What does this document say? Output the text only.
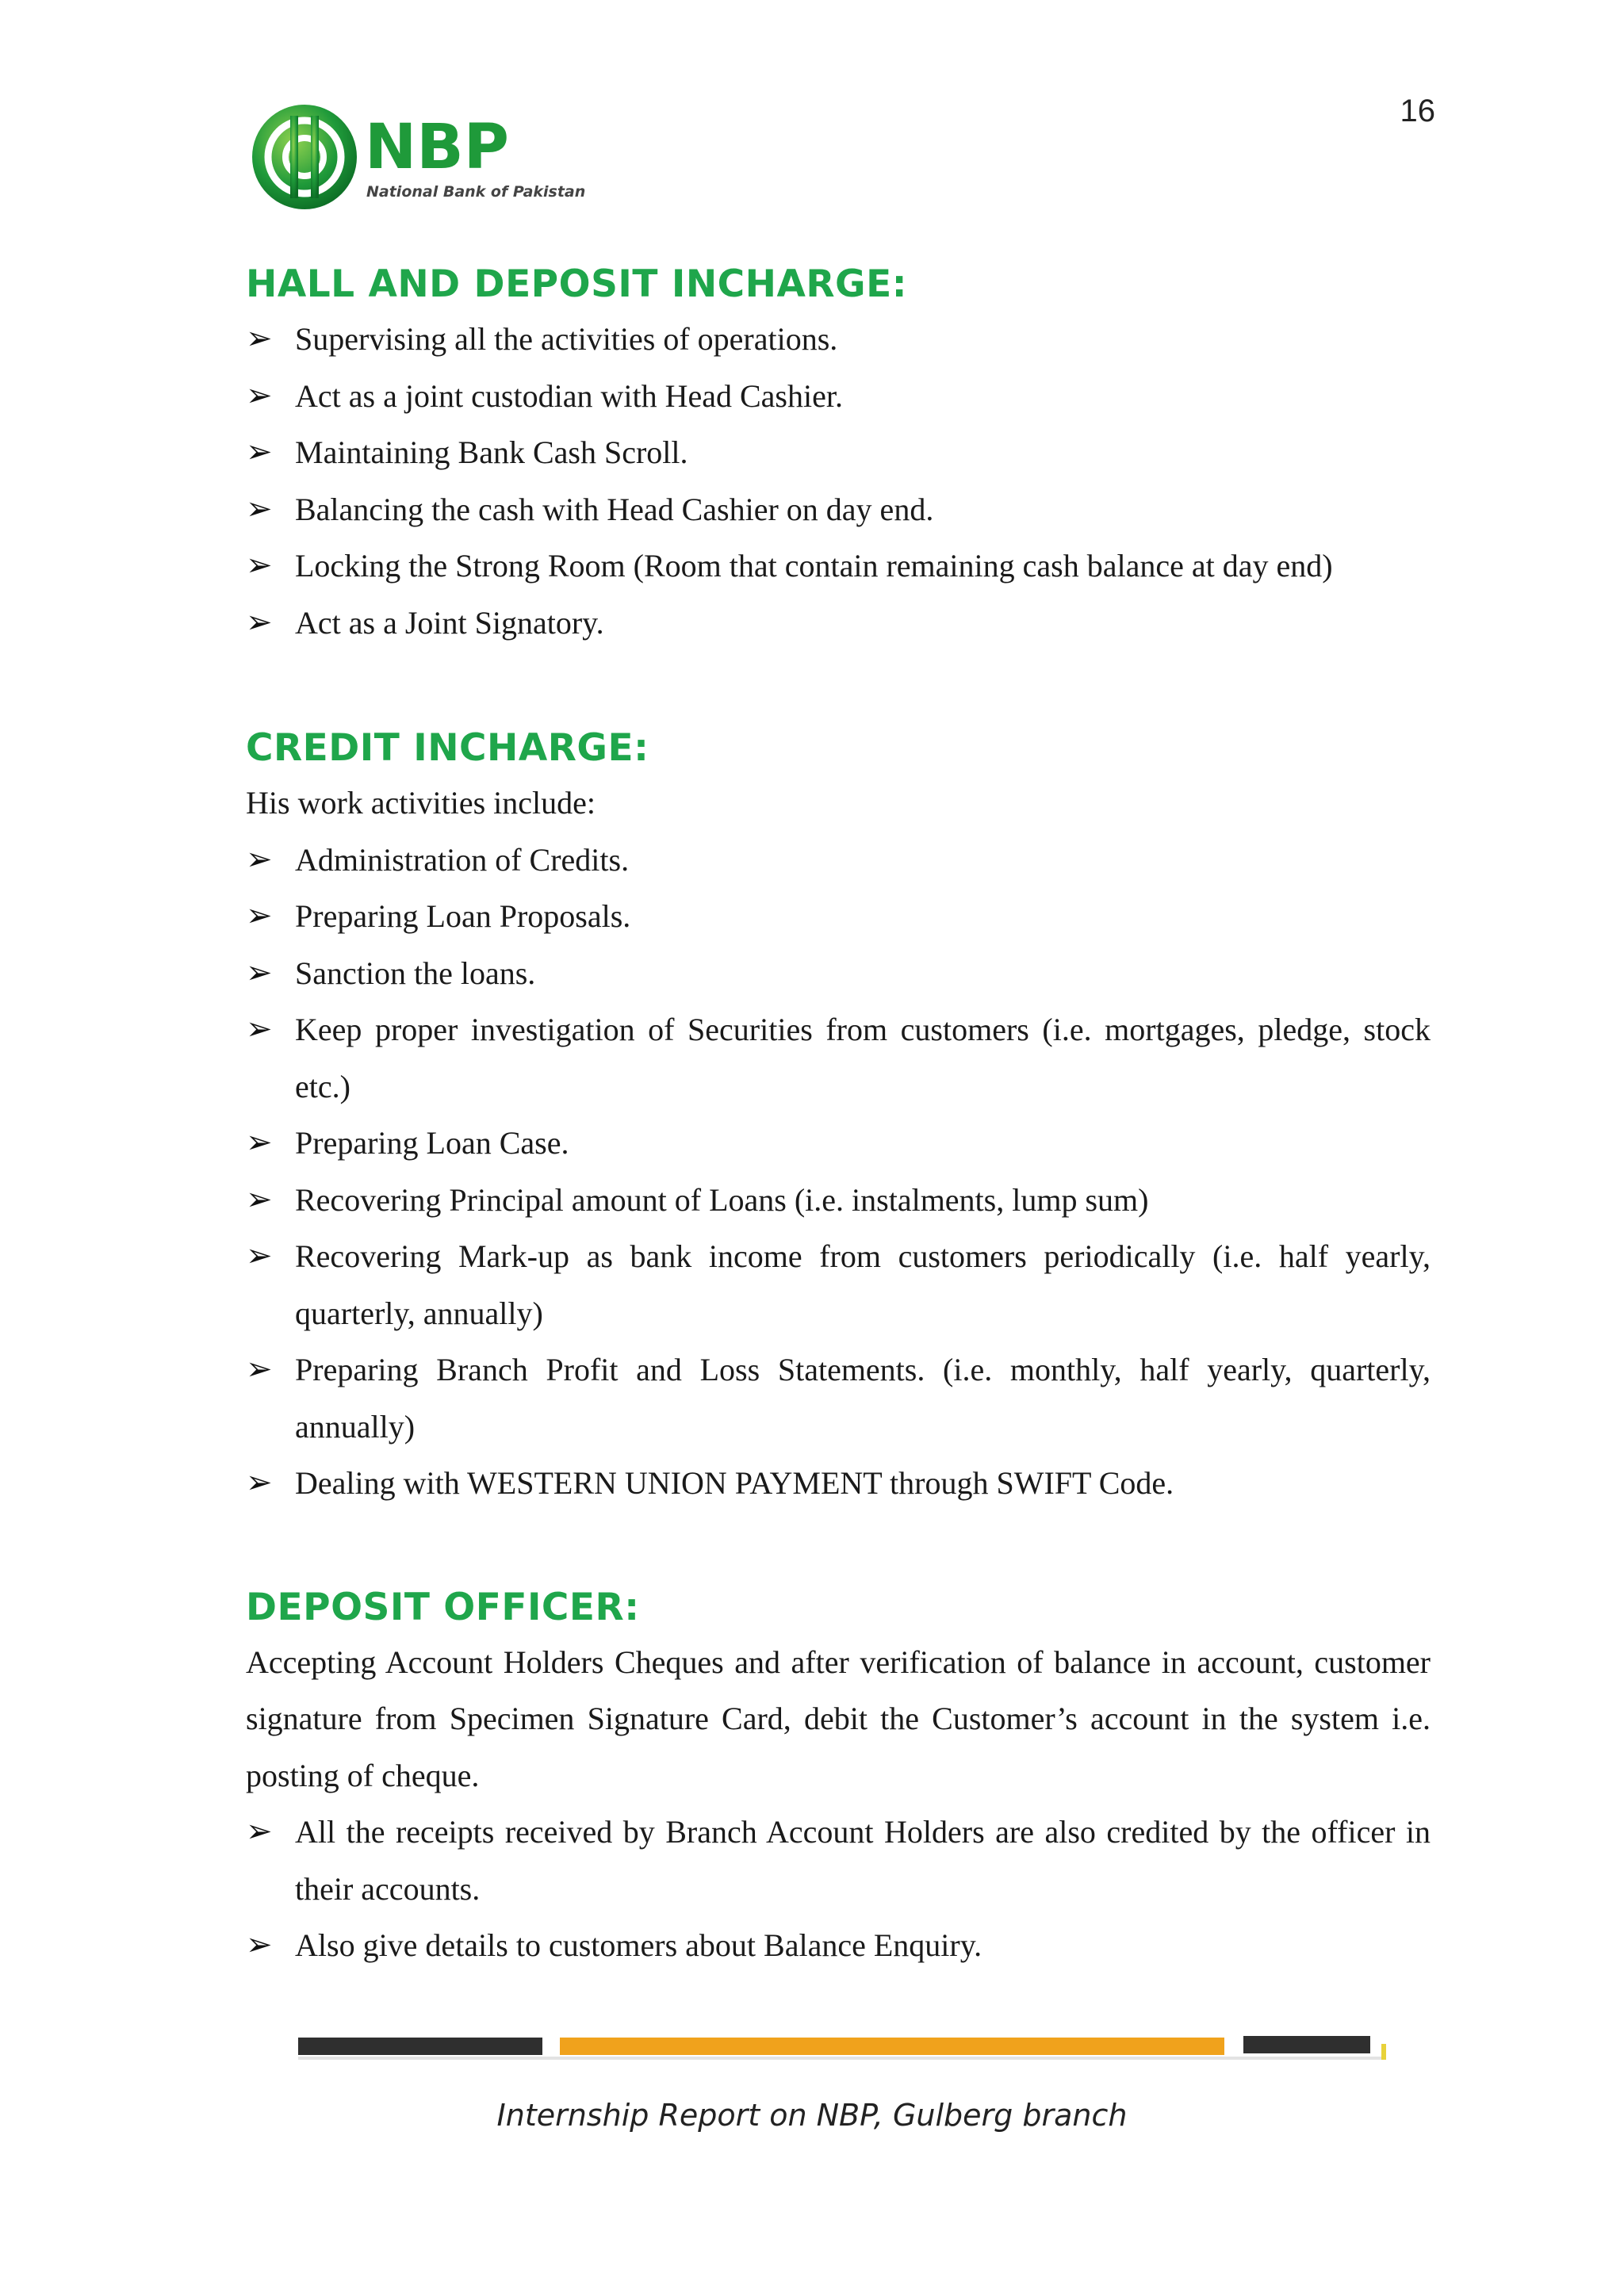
16
NBP
National Bank of Pakistan
HALL AND DEPOSIT INCHARGE:
➢ Supervising all the activities of operations.
➢ Act as a joint custodian with Head Cashier.
➢ Maintaining Bank Cash Scroll.
➢ Balancing the cash with Head Cashier on day end.
➢ Locking the Strong Room (Room that contain remaining cash balance at day end)
➢ Act as a Joint Signatory.
CREDIT INCHARGE:

His work activities include:

➢ Administration of Credits.
➢ Preparing Loan Proposals.
➢ Sanction the loans.
➢ Keep proper investigation of Securities from customers (i.e. mortgages, pledge, stock etc.)
➢ Preparing Loan Case.
➢ Recovering Principal amount of Loans (i.e. instalments, lump sum)
➢ Recovering Mark-up as bank income from customers periodically (i.e. half yearly, quarterly, annually)
➢ Preparing Branch Profit and Loss Statements. (i.e. monthly, half yearly, quarterly, annually)
➢ Dealing with WESTERN UNION PAYMENT through SWIFT Code.
DEPOSIT OFFICER:

Accepting Account Holders Cheques and after verification of balance in account, customer signature from Specimen Signature Card, debit the Customer’s account in the system i.e. posting of cheque.

➢ All the receipts received by Branch Account Holders are also credited by the officer in their accounts.
➢ Also give details to customers about Balance Enquiry.
Internship Report on NBP, Gulberg branch
